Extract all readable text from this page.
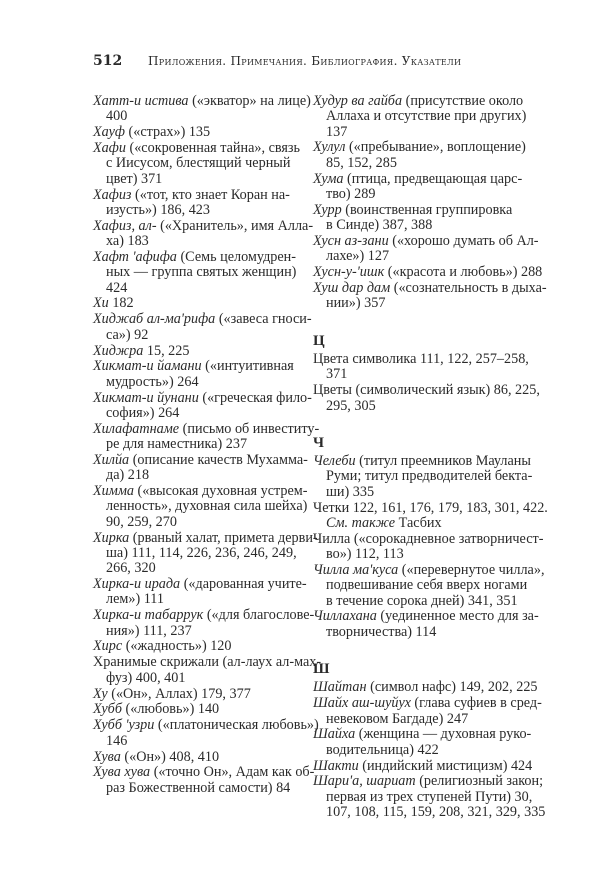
512 Приложения. Примечания. Библиография. Указатели
Хатт-и истива («экватор» на лице)
400
Хауф («страх») 135
Хафи («сокровенная тайна», связь
с Иисусом, блестящий черный
цвет) 371
Хафиз («тот, кто знает Коран на-
изусть») 186, 423
Хафиз, ал- («Хранитель», имя Алла-
ха) 183
Хафт 'афифа (Семь целомудрен-
ных — группа святых женщин)
424
Хи 182
Хиджаб ал-ма'рифа («завеса гноси-
са») 92
Хиджра 15, 225
Хикмат-и йамани («интуитивная
мудрость») 264
Хикмат-и йунани («греческая фило-
софия») 264
Хилафатнаме (письмо об инвеститу-
ре для наместника) 237
Хилйа (описание качеств Мухамма-
да) 218
Химма («высокая духовная устрем-
ленность», духовная сила шейха)
90, 259, 270
Хирка (рваный халат, примета дерви-
ша) 111, 114, 226, 236, 246, 249,
266, 320
Хирка-и ирада («дарованная учите-
лем») 111
Хирка-и табаррук («для благослове-
ния») 111, 237
Хирс («жадность») 120
Хранимые скрижали (ал-лаух ал-мах-
фуз) 400, 401
Ху («Он», Аллах) 179, 377
Хубб («любовь») 140
Хубб 'узри («платоническая любовь»)
146
Хува («Он») 408, 410
Хува хува («точно Он», Адам как об-
раз Божественной самости) 84
Худур ва гайба (присутствие около
Аллаха и отсутствие при других)
137
Хулул («пребывание», воплощение)
85, 152, 285
Хума (птица, предвещающая царс-
тво) 289
Хурр (воинственная группировка
в Синде) 387, 388
Хусн аз-зани («хорошо думать об Ал-
лахе») 127
Хусн-у-'ишк («красота и любовь») 288
Хуш дар дам («сознательность в дыха-
нии») 357
Ц
Цвета символика 111, 122, 257–258,
371
Цветы (символический язык) 86, 225,
295, 305
Ч
Челеби (титул преемников Мауланы
Руми; титул предводителей бекта-
ши) 335
Четки 122, 161, 176, 179, 183, 301, 422.
См. также Тасбих
Чилла («сорокадневное затворничест-
во») 112, 113
Чилла ма'куса («перевернутое чилла»,
подвешивание себя вверх ногами
в течение сорока дней) 341, 351
Чиллахана (уединенное место для за-
творничества) 114
Ш
Шайтан (символ нафс) 149, 202, 225
Шайх аш-шуйух (глава суфиев в сред-
невековом Багдаде) 247
Шайха (женщина — духовная руко-
водительница) 422
Шакти (индийский мистицизм) 424
Шари'а, шариат (религиозный закон;
первая из трех ступеней Пути) 30,
107, 108, 115, 159, 208, 321, 329, 335
